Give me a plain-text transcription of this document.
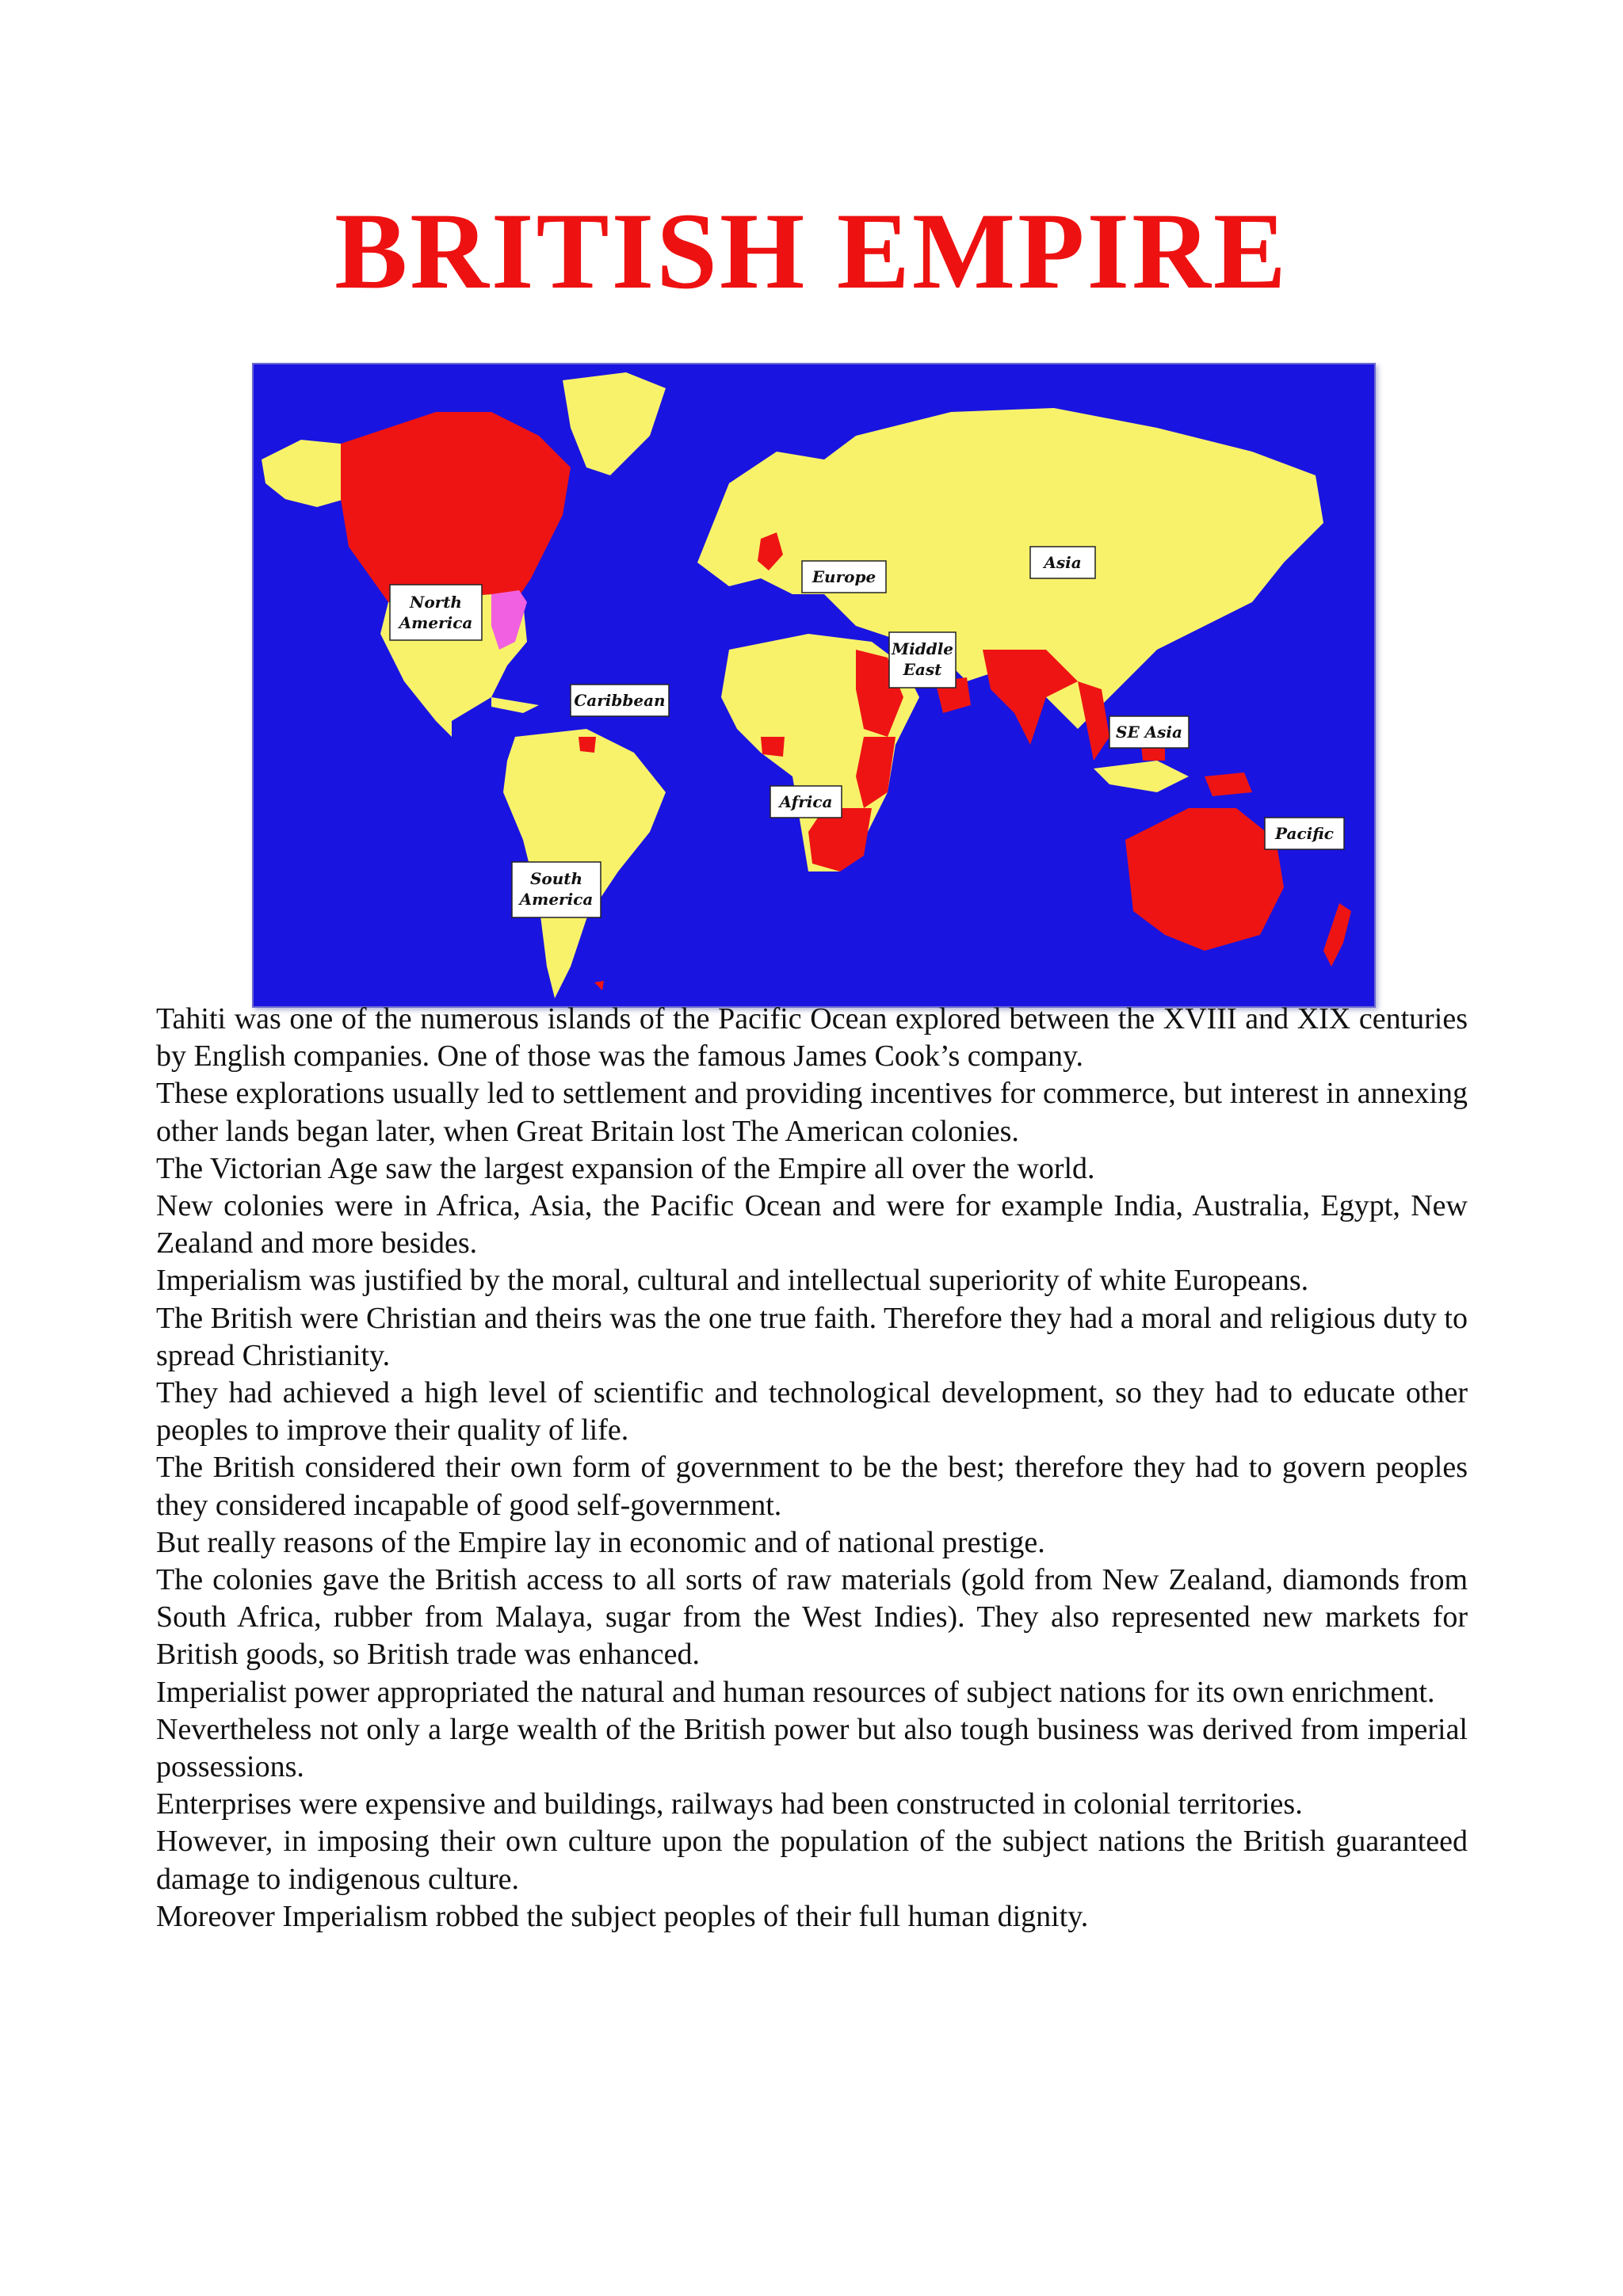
BRITISH EMPIRE
North
America
Europe
Asia
Middle
East
Caribbean
SE Asia
Africa
Pacific
South
America

Tahiti was one of the numerous islands of the Pacific Ocean explored between the XVIII and XIX centuries by English companies. One of those was the famous James Cook’s company.

These explorations usually led to settlement and providing incentives for commerce, but interest in annexing other lands began later, when Great Britain lost The American colonies.

The Victorian Age saw the largest expansion of the Empire all over the world.

New colonies were in Africa, Asia, the Pacific Ocean and were for example India, Australia, Egypt, New Zealand and more besides.

Imperialism was justified by the moral, cultural and intellectual superiority of white Europeans.

The British were Christian and theirs was the one true faith. Therefore they had a moral and religious duty to spread Christianity.

They had achieved a high level of scientific and technological development, so they had to educate other peoples to improve their quality of life.

The British considered their own form of government to be the best; therefore they had to govern peoples they considered incapable of good self-government.

But really reasons of the Empire lay in economic and of national prestige.

The colonies gave the British access to all sorts of raw materials (gold from New Zealand, diamonds from South Africa, rubber from Malaya, sugar from the West Indies). They also represented new markets for British goods, so British trade was enhanced.

Imperialist power appropriated the natural and human resources of subject nations for its own enrichment.

Nevertheless not only a large wealth of the British power but also tough business was derived from imperial possessions.

Enterprises were expensive and buildings, railways had been constructed in colonial territories.

However, in imposing their own culture upon the population of the subject nations the British guaranteed damage to indigenous culture.

Moreover Imperialism robbed the subject peoples of their full human dignity.
